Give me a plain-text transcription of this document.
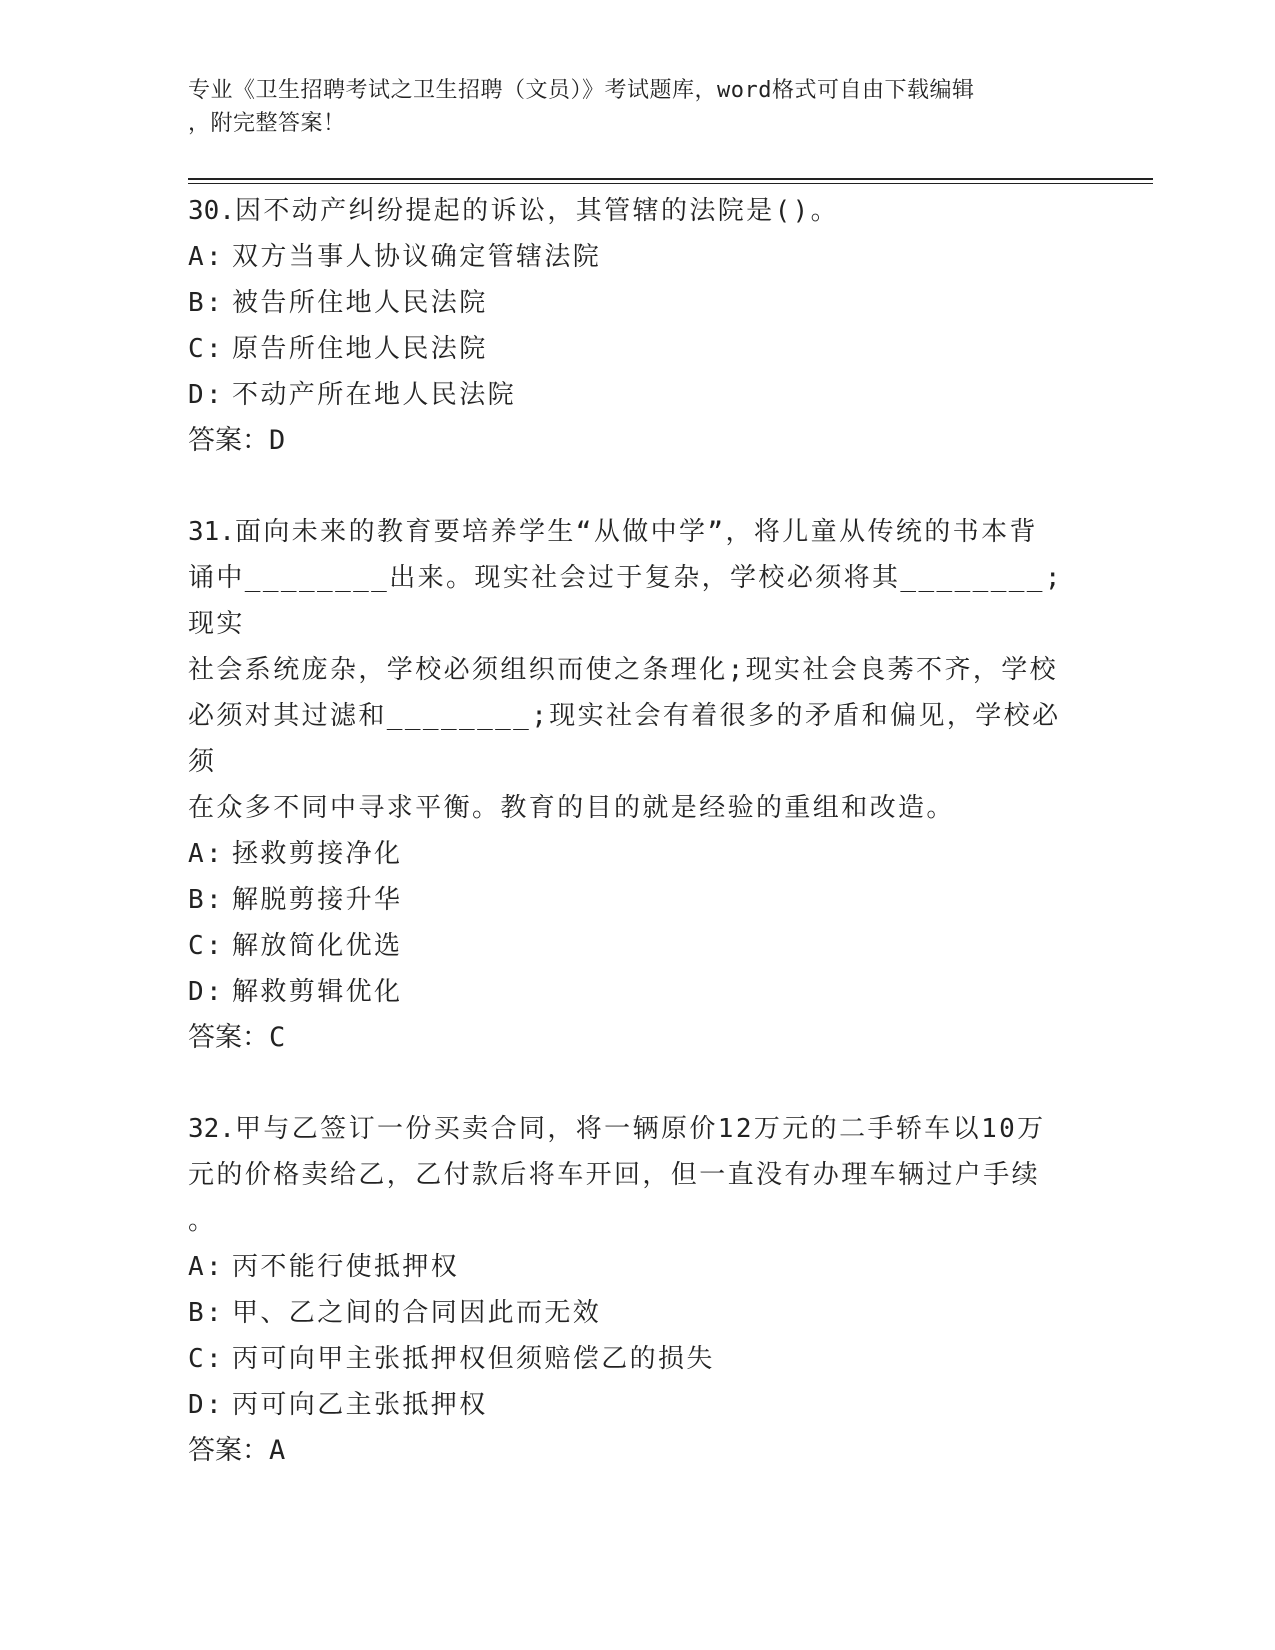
专业《卫生招聘考试之卫生招聘（文员）》考试题库，word格式可自由下载编辑
，附完整答案！

30.因不动产纠纷提起的诉讼，其管辖的法院是()。

A: 双方当事人协议确定管辖法院

B: 被告所住地人民法院

C: 原告所住地人民法院

D: 不动产所在地人民法院

答案：D

31.面向未来的教育要培养学生“从做中学”，将儿童从传统的书本背

诵中________出来。现实社会过于复杂，学校必须将其________;现实

社会系统庞杂，学校必须组织而使之条理化;现实社会良莠不齐，学校

必须对其过滤和________;现实社会有着很多的矛盾和偏见，学校必须

在众多不同中寻求平衡。教育的目的就是经验的重组和改造。

A: 拯救剪接净化

B: 解脱剪接升华

C: 解放简化优选

D: 解救剪辑优化

答案：C

32.甲与乙签订一份买卖合同，将一辆原价12万元的二手轿车以10万

元的价格卖给乙，乙付款后将车开回，但一直没有办理车辆过户手续

。

A: 丙不能行使抵押权

B: 甲、乙之间的合同因此而无效

C: 丙可向甲主张抵押权但须赔偿乙的损失

D: 丙可向乙主张抵押权

答案：A
